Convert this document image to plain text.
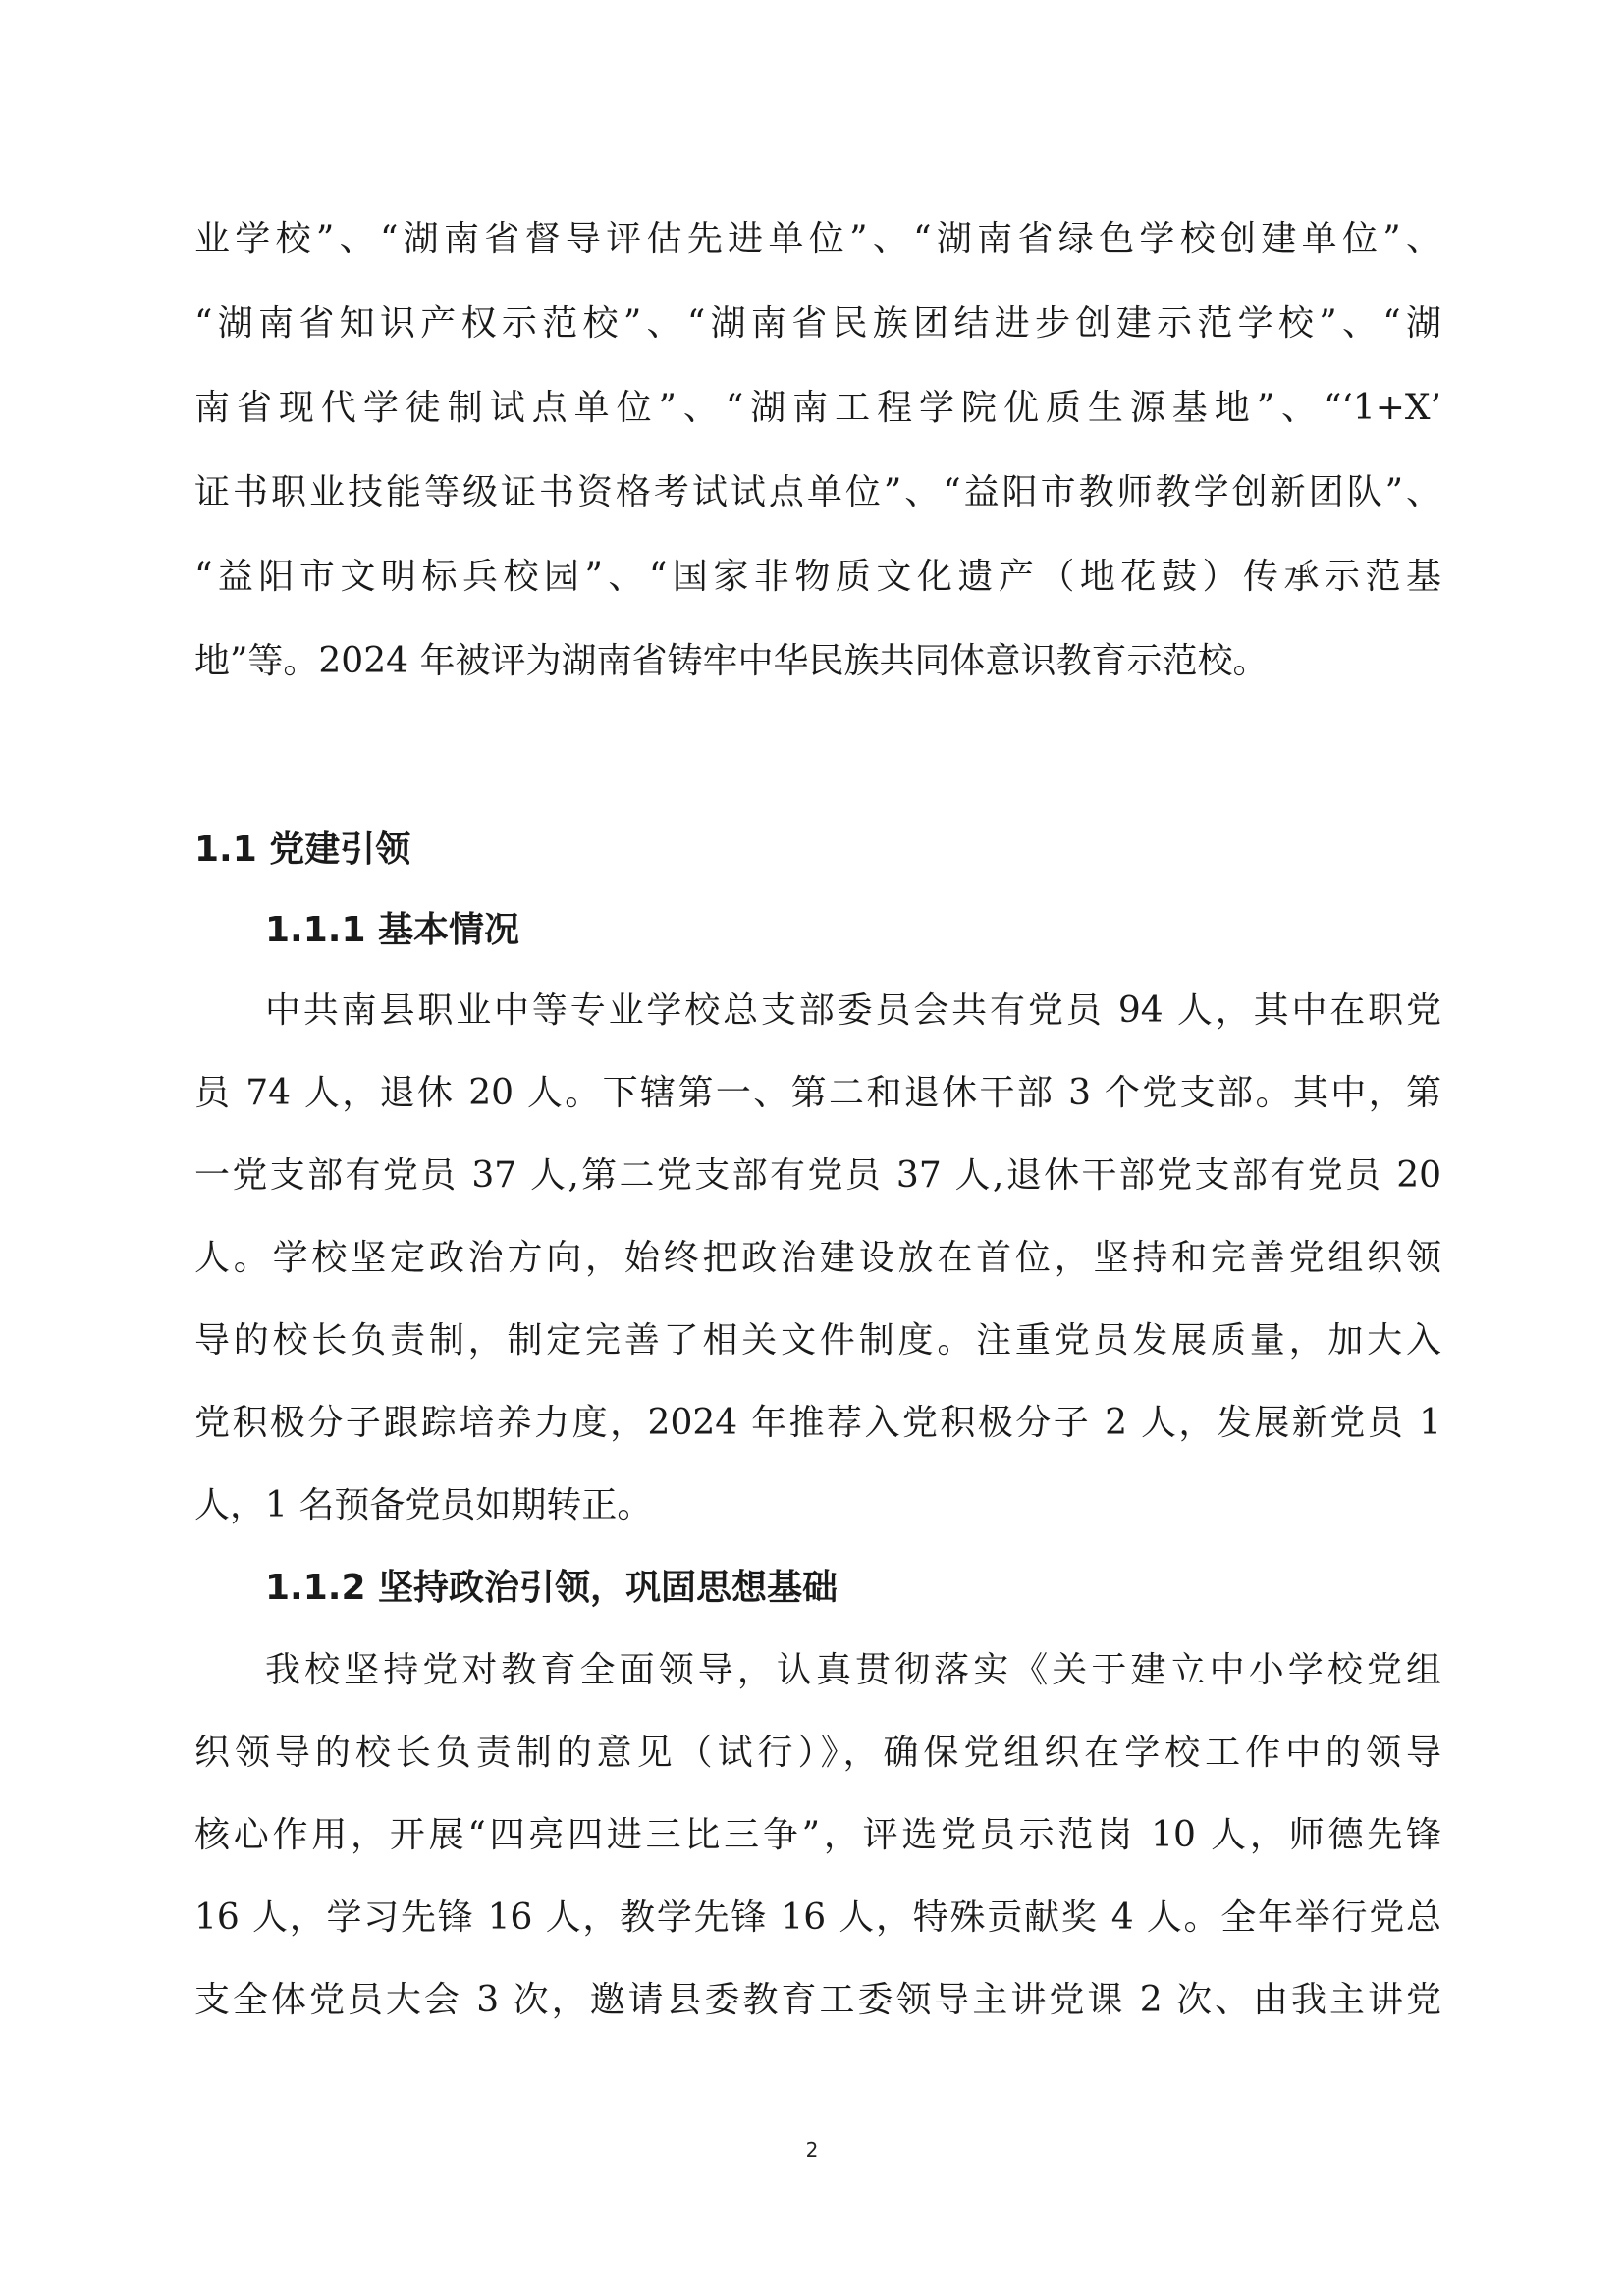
业学校”、“湖南省督导评估先进单位”、“湖南省绿色学校创建单位”、
“湖南省知识产权示范校”、“湖南省民族团结进步创建示范学校”、“湖
南省现代学徒制试点单位”、“湖南工程学院优质生源基地”、“‘1+X’
证书职业技能等级证书资格考试试点单位”、“益阳市教师教学创新团队”、
“益阳市文明标兵校园”、“国家非物质文化遗产（地花鼓）传承示范基
地”等。2024 年被评为湖南省铸牢中华民族共同体意识教育示范校。
1.1 党建引领
1.1.1 基本情况
中共南县职业中等专业学校总支部委员会共有党员 94 人，其中在职党
员 74 人，退休 20 人。下辖第一、第二和退休干部 3 个党支部。其中，第
一党支部有党员 37 人,第二党支部有党员 37 人,退休干部党支部有党员 20
人。学校坚定政治方向，始终把政治建设放在首位，坚持和完善党组织领
导的校长负责制，制定完善了相关文件制度。注重党员发展质量，加大入
党积极分子跟踪培养力度，2024 年推荐入党积极分子 2 人，发展新党员 1
人，1 名预备党员如期转正。
1.1.2 坚持政治引领，巩固思想基础
我校坚持党对教育全面领导，认真贯彻落实《关于建立中小学校党组
织领导的校长负责制的意见（试行）》，确保党组织在学校工作中的领导
核心作用，开展“四亮四进三比三争”，评选党员示范岗 10 人，师德先锋
16 人，学习先锋 16 人，教学先锋 16 人，特殊贡献奖 4 人。全年举行党总
支全体党员大会 3 次，邀请县委教育工委领导主讲党课 2 次、由我主讲党
2
